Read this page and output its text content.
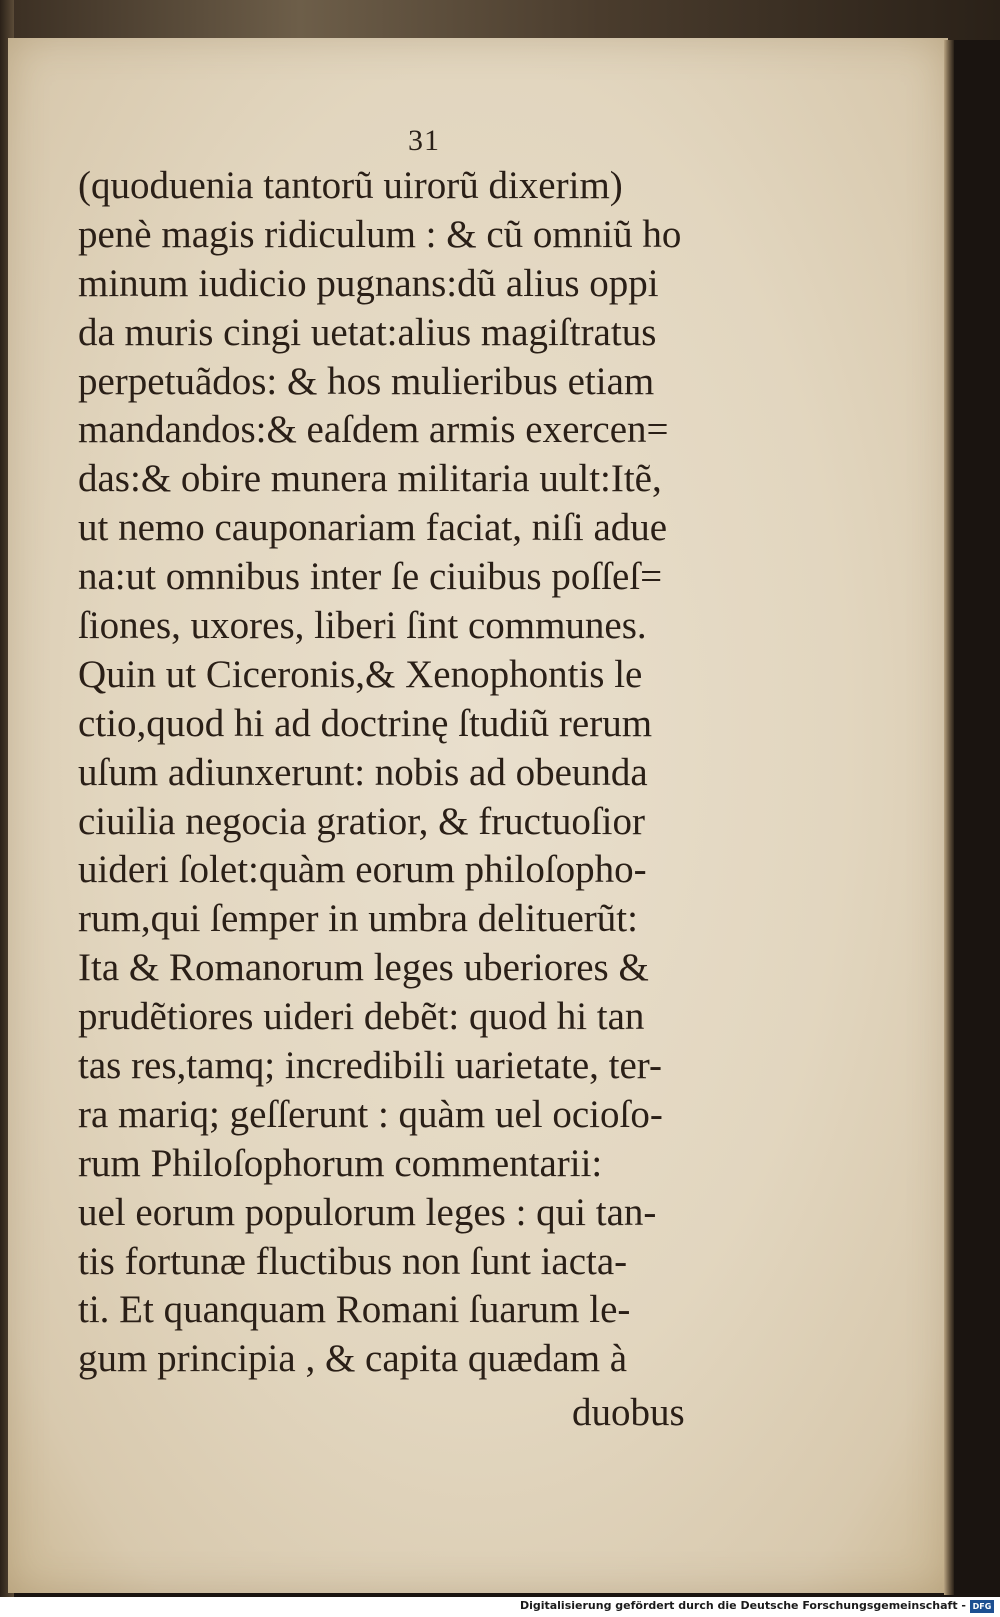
31
(quoduenia tantorũ uirorũ dixerim)
penè magis ridiculum : & cũ omniũ ho
minum iudicio pugnans:dũ alius oppi
da muris cingi uetat:alius magiſtratus
perpetuãdos: & hos mulieribus etiam
mandandos:& eaſdem armis exercen=
das:& obire munera militaria uult:Itẽ,
ut nemo cauponariam faciat, niſi adue
na:ut omnibus inter ſe ciuibus poſſeſ=
ſiones, uxores, liberi ſint communes.
Quin ut Ciceronis,& Xenophontis le
ctio,quod hi ad doctrinę ſtudiũ rerum
uſum adiunxerunt: nobis ad obeunda
ciuilia negocia gratior, & fructuoſior
uideri ſolet:quàm eorum philoſopho-
rum,qui ſemper in umbra delituerũt:
Ita & Romanorum leges uberiores &
prudẽtiores uideri debẽt: quod hi tan
tas res,tamq; incredibili uarietate, ter-
ra mariq; geſſerunt : quàm uel ocioſo-
rum Philoſophorum commentarii:
uel eorum populorum leges : qui tan-
tis fortunæ fluctibus non ſunt iacta-
ti. Et quanquam Romani ſuarum le-
gum principia , & capita quædam à
duobus
Digitalisierung gefördert durch die Deutsche Forschungsgemeinschaft - DFG
